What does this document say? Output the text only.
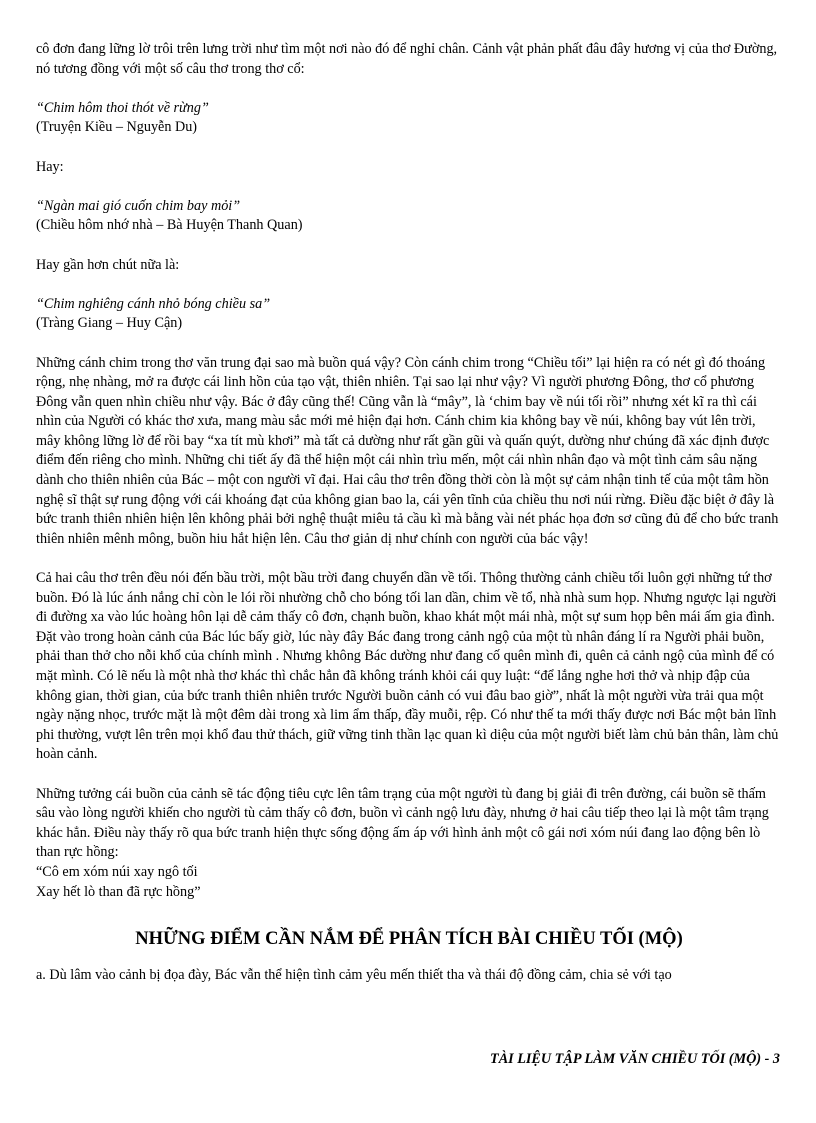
cô đơn đang lững lờ trôi trên lưng trời như tìm một nơi nào đó để nghỉ chân. Cảnh vật phản phất đâu đây hương vị của thơ Đường, nó tương đồng với một số câu thơ trong thơ cổ:

“Chim hôm thoi thót về rừng”

(Truyện Kiều – Nguyễn Du)

Hay:

“Ngàn mai gió cuốn chim bay mỏi”

(Chiều hôm nhớ nhà – Bà Huyện Thanh Quan)

Hay gần hơn chút nữa là:

“Chim nghiêng cánh nhỏ bóng chiều sa”

(Tràng Giang – Huy Cận)

Những cánh chim trong thơ văn trung đại sao mà buồn quá vậy? Còn cánh chim trong “Chiều tối” lại hiện ra có nét gì đó thoáng rộng, nhẹ nhàng, mở ra được cái linh hồn của tạo vật, thiên nhiên. Tại sao lại như vậy? Vì người phương Đông, thơ cổ phương Đông vẫn quen nhìn chiều như vậy. Bác ở đây cũng thế! Cũng vẫn là “mây”, là ‘chim bay về núi tối rồi” nhưng xét kĩ ra thì cái nhìn của Người có khác thơ xưa, mang màu sắc mới mẻ hiện đại hơn. Cánh chim kia không bay về núi, không bay vút lên trời, mây không lững lờ để rồi bay “xa tít mù khơi” mà tất cả dường như rất gần gũi và quấn quýt, dường như chúng đã xác định được điểm đến riêng cho mình. Những chi tiết ấy đã thể hiện một cái nhìn trìu mến, một cái nhìn nhân đạo và một tình cảm sâu nặng dành cho thiên nhiên của Bác – một con người vĩ đại. Hai câu thơ trên đồng thời còn là một sự cảm nhận tinh tế của một tâm hồn nghệ sĩ thật sự rung động với cái khoáng đạt của không gian bao la, cái yên tĩnh của chiều thu nơi núi rừng. Điều đặc biệt ở đây là bức tranh thiên nhiên hiện lên không phải bởi nghệ thuật miêu tả cầu kì mà bằng vài nét phác họa đơn sơ cũng đủ để cho bức tranh thiên nhiên mênh mông, buồn hiu hắt hiện lên. Câu thơ giản dị như chính con người của bác vậy!

Cả hai câu thơ trên đều nói đến bầu trời, một bầu trời đang chuyển dần về tối. Thông thường cảnh chiều tối luôn gợi những tứ thơ buồn. Đó là lúc ánh nắng chỉ còn le lói rồi nhường chỗ cho bóng tối lan dần, chim về tổ, nhà nhà sum họp. Nhưng ngược lại người đi đường xa vào lúc hoàng hôn lại dễ cảm thấy cô đơn, chạnh buồn, khao khát một mái nhà, một sự sum họp bên mái ấm gia đình. Đặt vào trong hoàn cảnh của Bác lúc bấy giờ, lúc này đây Bác đang trong cảnh ngộ của một tù nhân đáng lí ra Người phải buồn, phải than thở cho nỗi khổ của chính mình . Nhưng không Bác dường như đang cố quên mình đi, quên cả cảnh ngộ của mình để có mặt mình. Có lẽ nếu là một nhà thơ khác thì chắc hẳn đã không tránh khỏi cái quy luật: “để lắng nghe hơi thở và nhịp đập của không gian, thời gian, của bức tranh thiên nhiên trước Người buồn cảnh có vui đâu bao giờ”, nhất là một người vừa trải qua một ngày nặng nhọc, trước mặt là một đêm dài trong xà lim ẩm thấp, đầy muỗi, rệp. Có như thế ta mới thấy được nơi Bác một bản lĩnh phi thường, vượt lên trên mọi khổ đau thử thách, giữ vững tinh thần lạc quan kì diệu của một người biết làm chủ bản thân, làm chủ hoàn cảnh.

Những tưởng cái buồn của cảnh sẽ tác động tiêu cực lên tâm trạng của một người tù đang bị giải đi trên đường, cái buồn sẽ thấm sâu vào lòng người khiến cho người tù cảm thấy cô đơn, buồn vì cảnh ngộ lưu đày, nhưng ở hai câu tiếp theo lại là một tâm trạng khác hẳn. Điều này thấy rõ qua bức tranh hiện thực sống động ấm áp với hình ảnh một cô gái nơi xóm núi đang lao động bên lò than rực hồng:

“Cô em xóm núi xay ngô tối

Xay hết lò than đã rực hồng”

NHỮNG ĐIỂM CẦN NẮM ĐỂ PHÂN TÍCH BÀI CHIỀU TỐI (MỘ)

a. Dù lâm vào cảnh bị đọa đày, Bác vẫn thể hiện tình cảm yêu mến thiết tha và thái độ đồng cảm, chia sẻ với tạo

TÀI LIỆU TẬP LÀM VĂN CHIỀU TỐI (MỘ) - 3
